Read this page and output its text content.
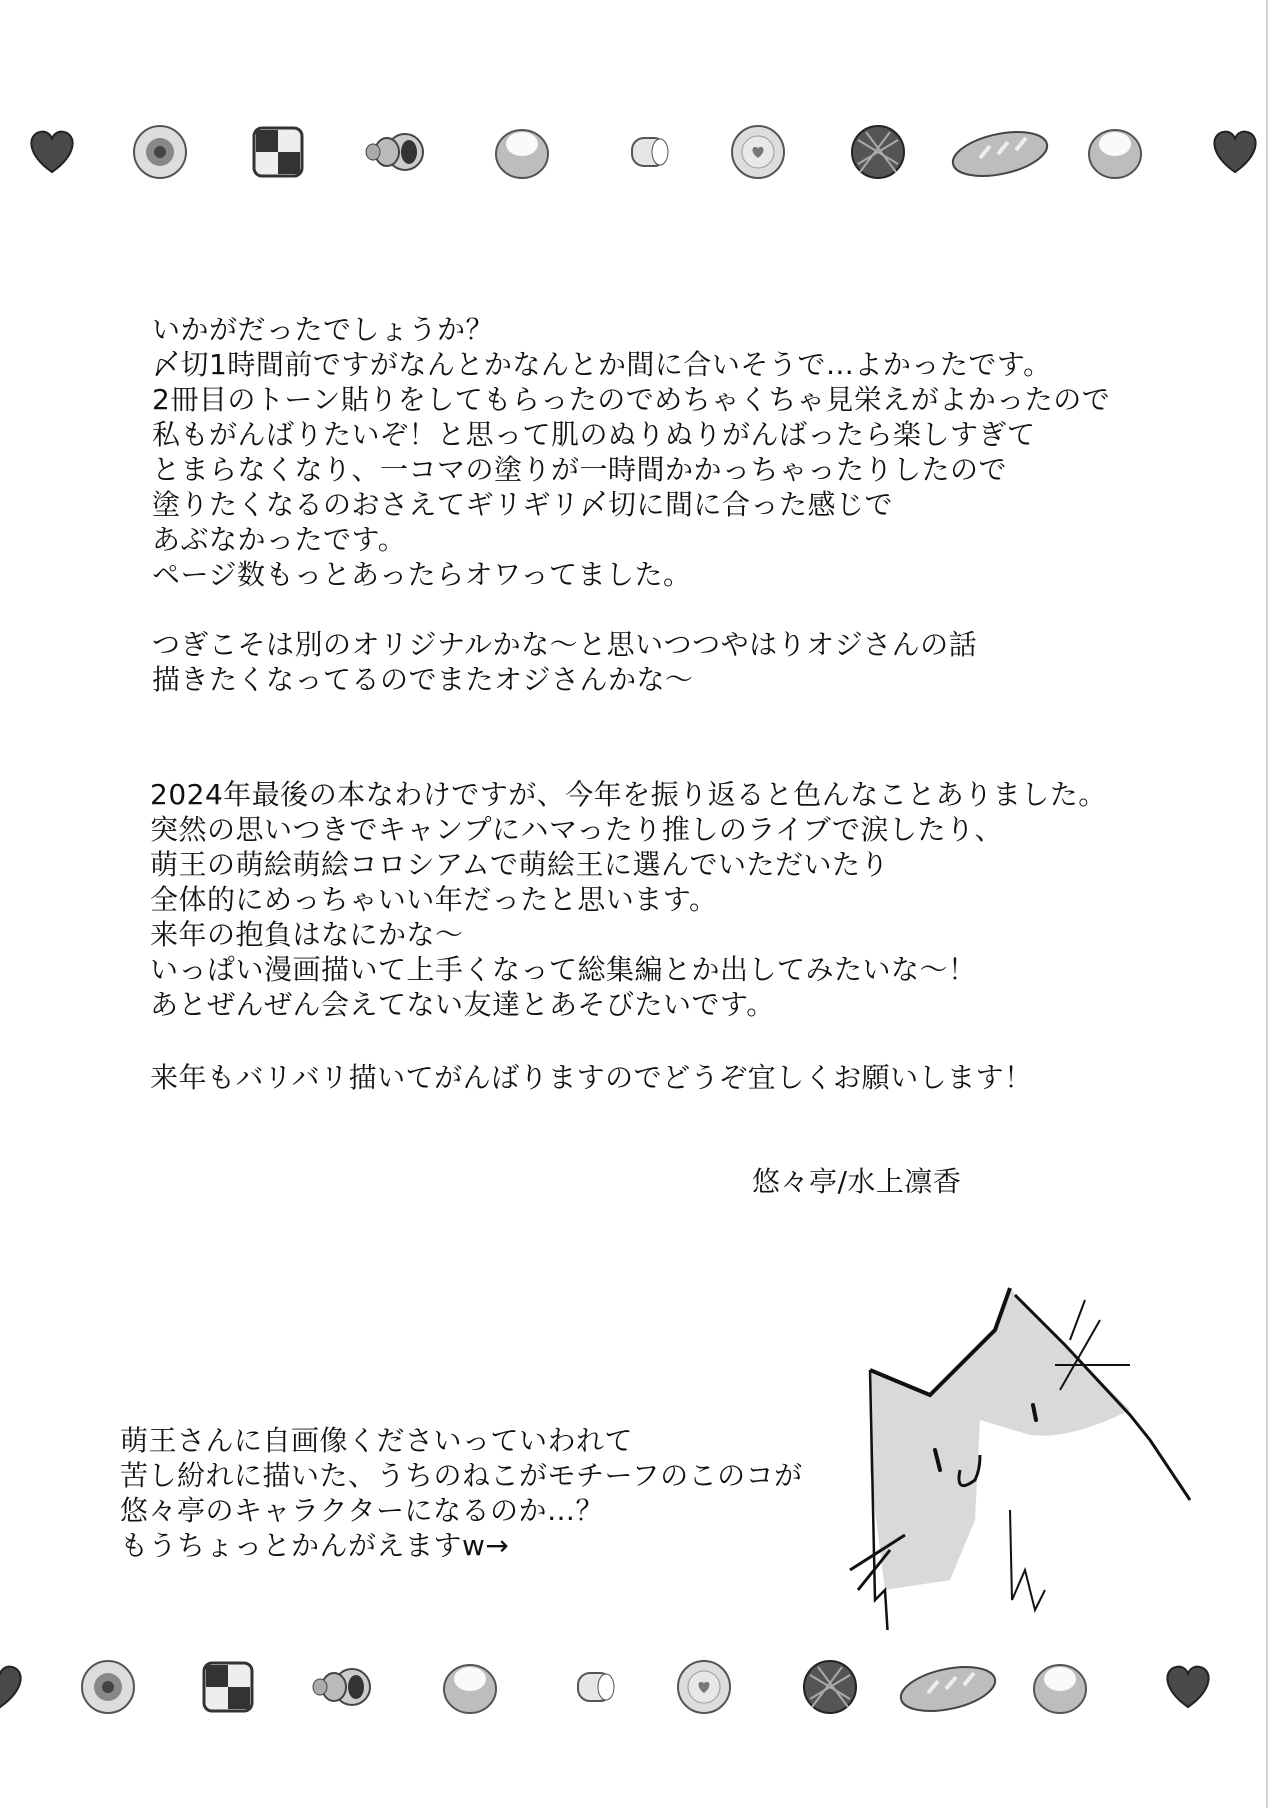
いかがだったでしょうか？
〆切1時間前ですがなんとかなんとか間に合いそうで…よかったです。
2冊目のトーン貼りをしてもらったのでめちゃくちゃ見栄えがよかったので
私もがんばりたいぞ！と思って肌のぬりぬりがんばったら楽しすぎて
とまらなくなり、一コマの塗りが一時間かかっちゃったりしたので
塗りたくなるのおさえてギリギリ〆切に間に合った感じで
あぶなかったです。
ページ数もっとあったらオワってました。
つぎこそは別のオリジナルかな～と思いつつやはりオジさんの話
描きたくなってるのでまたオジさんかな～
2024年最後の本なわけですが、今年を振り返ると色んなことありました。
突然の思いつきでキャンプにハマったり推しのライブで涙したり、
萌王の萌絵萌絵コロシアムで萌絵王に選んでいただいたり
全体的にめっちゃいい年だったと思います。
来年の抱負はなにかな～
いっぱい漫画描いて上手くなって総集編とか出してみたいな～！
あとぜんぜん会えてない友達とあそびたいです。
来年もバリバリ描いてがんばりますのでどうぞ宜しくお願いします！
悠々亭/水上凛香
萌王さんに自画像くださいっていわれて
苦し紛れに描いた、うちのねこがモチーフのこのコが
悠々亭のキャラクターになるのか…？
もうちょっとかんがえますw→
